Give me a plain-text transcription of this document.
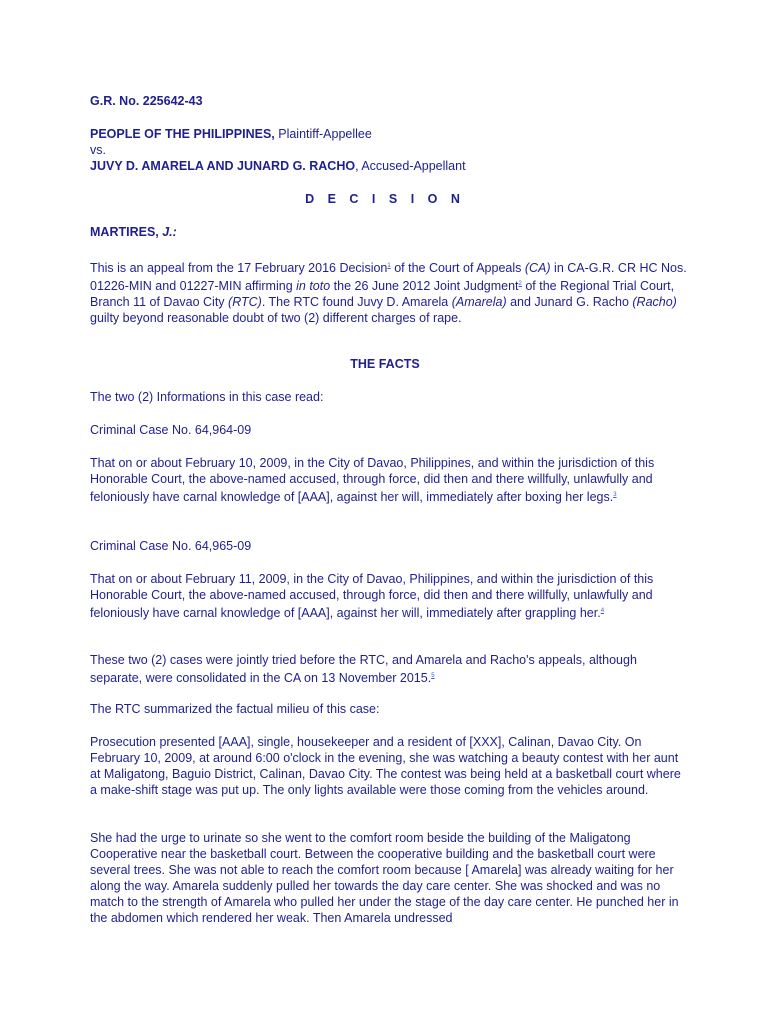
G.R. No. 225642-43

PEOPLE OF THE PHILIPPINES, Plaintiff-Appellee

vs.

JUVY D. AMARELA AND JUNARD G. RACHO, Accused-Appellant

D E C I S I O N

MARTIRES, J.:

This is an appeal from the 17 February 2016 Decision$^1$ of the Court of Appeals (CA) in CA-G.R. CR HC Nos. 01226-MIN and 01227-MIN affirming in toto the 26 June 2012 Joint Judgment$^2$ of the Regional Trial Court, Branch 11 of Davao City (RTC). The RTC found Juvy D. Amarela (Amarela) and Junard G. Racho (Racho) guilty beyond reasonable doubt of two (2) different charges of rape.

THE FACTS

The two (2) Informations in this case read:

Criminal Case No. 64,964-09

That on or about February 10, 2009, in the City of Davao, Philippines, and within the jurisdiction of this Honorable Court, the above-named accused, through force, did then and there willfully, unlawfully and feloniously have carnal knowledge of [AAA], against her will, immediately after boxing her legs.$^3$

Criminal Case No. 64,965-09

That on or about February 11, 2009, in the City of Davao, Philippines, and within the jurisdiction of this Honorable Court, the above-named accused, through force, did then and there willfully, unlawfully and feloniously have carnal knowledge of [AAA], against her will, immediately after grappling her.$^4$

These two (2) cases were jointly tried before the RTC, and Amarela and Racho's appeals, although separate, were consolidated in the CA on 13 November 2015.$^5$

The RTC summarized the factual milieu of this case:

Prosecution presented [AAA], single, housekeeper and a resident of [XXX], Calinan, Davao City. On February 10, 2009, at around 6:00 o'clock in the evening, she was watching a beauty contest with her aunt at Maligatong, Baguio District, Calinan, Davao City. The contest was being held at a basketball court where a make-shift stage was put up. The only lights available were those coming from the vehicles around.

She had the urge to urinate so she went to the comfort room beside the building of the Maligatong Cooperative near the basketball court. Between the cooperative building and the basketball court were several trees. She was not able to reach the comfort room because [ Amarela] was already waiting for her along the way. Amarela suddenly pulled her towards the day care center. She was shocked and was no match to the strength of Amarela who pulled her under the stage of the day care center. He punched her in the abdomen which rendered her weak. Then Amarela undressed
